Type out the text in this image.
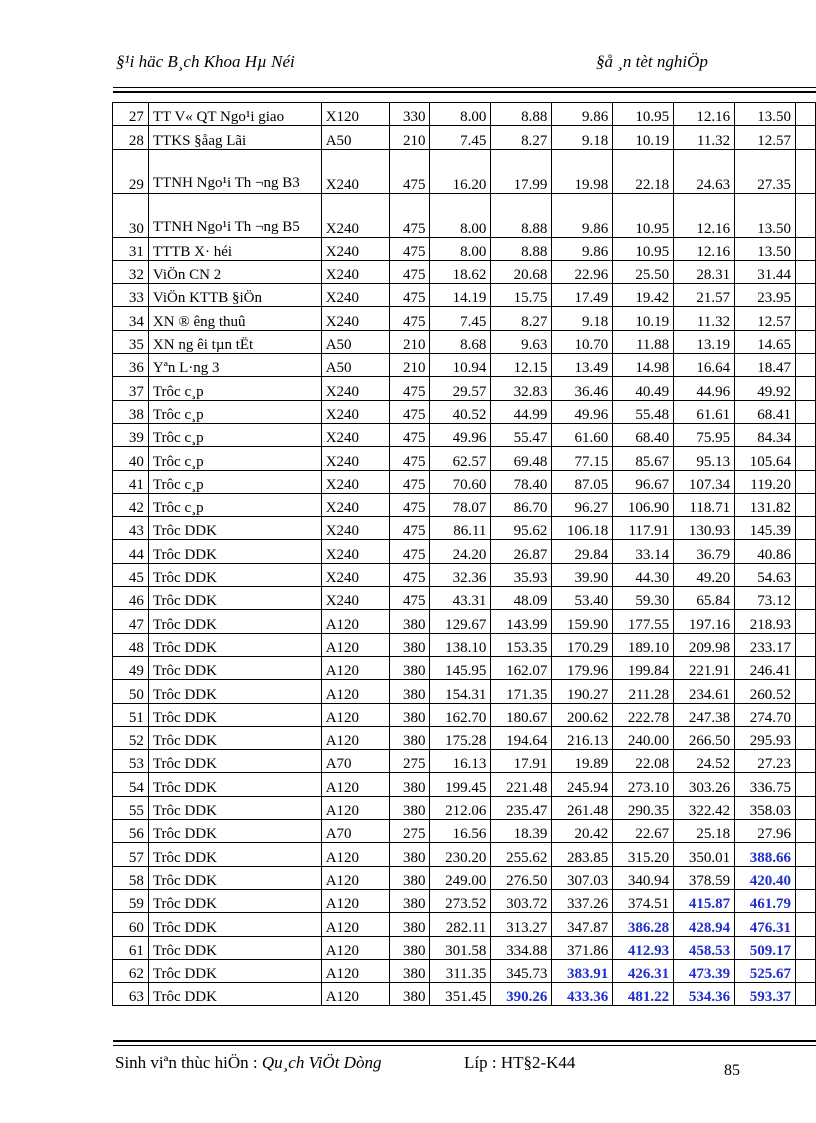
§¹i häc B¸ch Khoa Hµ Néi	§å ¸n tèt nghiÖp
27	TT V« QT Ngo¹i giao	X120	330	8.00	8.88	9.86	10.95	12.16	13.50	
28	TTKS §åag Lãi	A50	210	7.45	8.27	9.18	10.19	11.32	12.57	
29	TTNH Ngo¹i Th ¬ng B3	X240	475	16.20	17.99	19.98	22.18	24.63	27.35	
30	TTNH Ngo¹i Th ¬ng B5	X240	475	8.00	8.88	9.86	10.95	12.16	13.50	
31	TTTB X· héi	X240	475	8.00	8.88	9.86	10.95	12.16	13.50	
32	ViÖn CN 2	X240	475	18.62	20.68	22.96	25.50	28.31	31.44	
33	ViÖn KTTB §iÖn	X240	475	14.19	15.75	17.49	19.42	21.57	23.95	
34	XN ® êng thuû	X240	475	7.45	8.27	9.18	10.19	11.32	12.57	
35	XN ng êi tµn tËt	A50	210	8.68	9.63	10.70	11.88	13.19	14.65	
36	Yªn L·ng 3	A50	210	10.94	12.15	13.49	14.98	16.64	18.47	
37	Trôc c¸p	X240	475	29.57	32.83	36.46	40.49	44.96	49.92	
38	Trôc c¸p	X240	475	40.52	44.99	49.96	55.48	61.61	68.41	
39	Trôc c¸p	X240	475	49.96	55.47	61.60	68.40	75.95	84.34	
40	Trôc c¸p	X240	475	62.57	69.48	77.15	85.67	95.13	105.64	
41	Trôc c¸p	X240	475	70.60	78.40	87.05	96.67	107.34	119.20	
42	Trôc c¸p	X240	475	78.07	86.70	96.27	106.90	118.71	131.82	
43	Trôc DDK	X240	475	86.11	95.62	106.18	117.91	130.93	145.39	
44	Trôc DDK	X240	475	24.20	26.87	29.84	33.14	36.79	40.86	
45	Trôc DDK	X240	475	32.36	35.93	39.90	44.30	49.20	54.63	
46	Trôc DDK	X240	475	43.31	48.09	53.40	59.30	65.84	73.12	
47	Trôc DDK	A120	380	129.67	143.99	159.90	177.55	197.16	218.93	
48	Trôc DDK	A120	380	138.10	153.35	170.29	189.10	209.98	233.17	
49	Trôc DDK	A120	380	145.95	162.07	179.96	199.84	221.91	246.41	
50	Trôc DDK	A120	380	154.31	171.35	190.27	211.28	234.61	260.52	
51	Trôc DDK	A120	380	162.70	180.67	200.62	222.78	247.38	274.70	
52	Trôc DDK	A120	380	175.28	194.64	216.13	240.00	266.50	295.93	
53	Trôc DDK	A70	275	16.13	17.91	19.89	22.08	24.52	27.23	
54	Trôc DDK	A120	380	199.45	221.48	245.94	273.10	303.26	336.75	
55	Trôc DDK	A120	380	212.06	235.47	261.48	290.35	322.42	358.03	
56	Trôc DDK	A70	275	16.56	18.39	20.42	22.67	25.18	27.96	
57	Trôc DDK	A120	380	230.20	255.62	283.85	315.20	350.01	388.66	
58	Trôc DDK	A120	380	249.00	276.50	307.03	340.94	378.59	420.40	
59	Trôc DDK	A120	380	273.52	303.72	337.26	374.51	415.87	461.79	
60	Trôc DDK	A120	380	282.11	313.27	347.87	386.28	428.94	476.31	
61	Trôc DDK	A120	380	301.58	334.88	371.86	412.93	458.53	509.17	
62	Trôc DDK	A120	380	311.35	345.73	383.91	426.31	473.39	525.67	
63	Trôc DDK	A120	380	351.45	390.26	433.36	481.22	534.36	593.37	
Sinh viªn thùc hiÖn : Qu¸ch ViÖt Dòng	Líp : HT§2-K44	85
